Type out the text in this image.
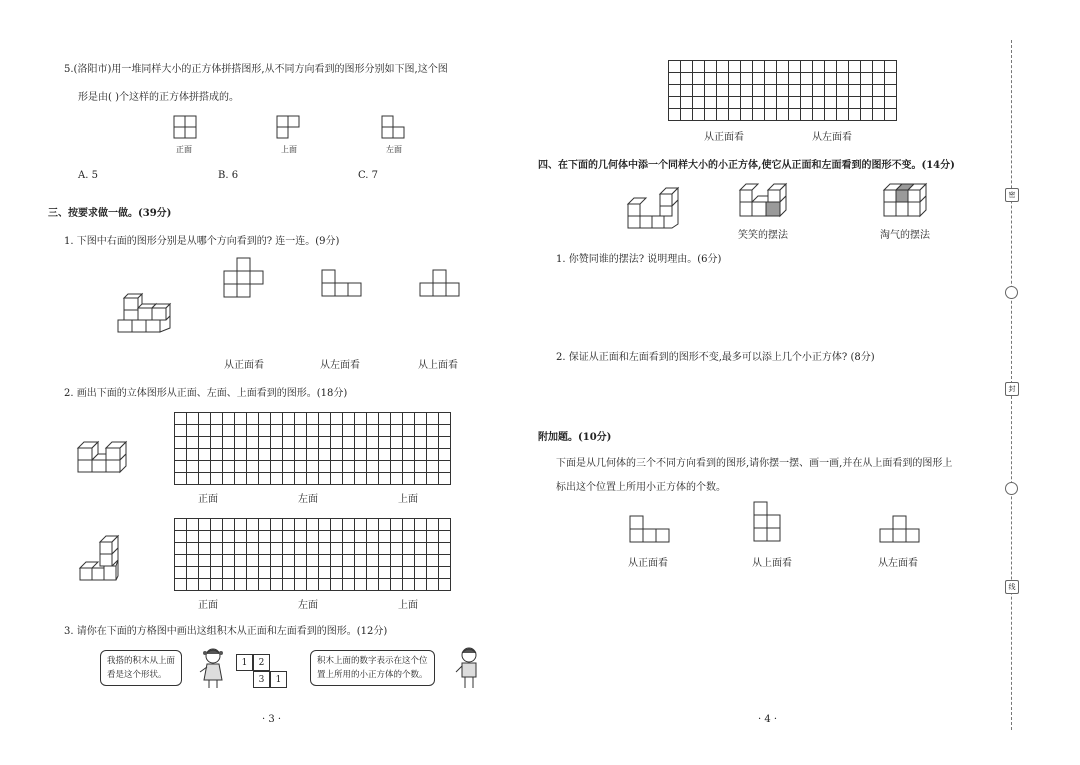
5.(洛阳市)用一堆同样大小的正方体拼搭图形,从不同方向看到的图形分别如下图,这个图
形是由( )个这样的正方体拼搭成的。
正面	上面	左面
A. 5	B. 6	C. 7
三、按要求做一做。(39分)
1. 下图中右面的图形分别是从哪个方向看到的? 连一连。(9分)
从正面看	从左面看	从上面看
2. 画出下面的立体图形从正面、左面、上面看到的图形。(18分)
正面	左面	上面
正面	左面	上面
3. 请你在下面的方格图中画出这组积木从正面和左面看到的图形。(12分)
我搭的积木从上面
看是这个形状。
1	2
3	1
积木上面的数字表示在这个位
置上所用的小正方体的个数。
· 3 ·
从正面看	从左面看
四、在下面的几何体中添一个同样大小的小正方体,使它从正面和左面看到的图形不变。(14分)
笑笑的摆法	淘气的摆法
1. 你赞同谁的摆法? 说明理由。(6分)
2. 保证从正面和左面看到的图形不变,最多可以添上几个小正方体? (8分)
附加题。(10分)
下面是从几何体的三个不同方向看到的图形,请你摆一摆、画一画,并在从上面看到的图形上
标出这个位置上所用小正方体的个数。
从正面看	从上面看	从左面看
· 4 ·
密
封
线
